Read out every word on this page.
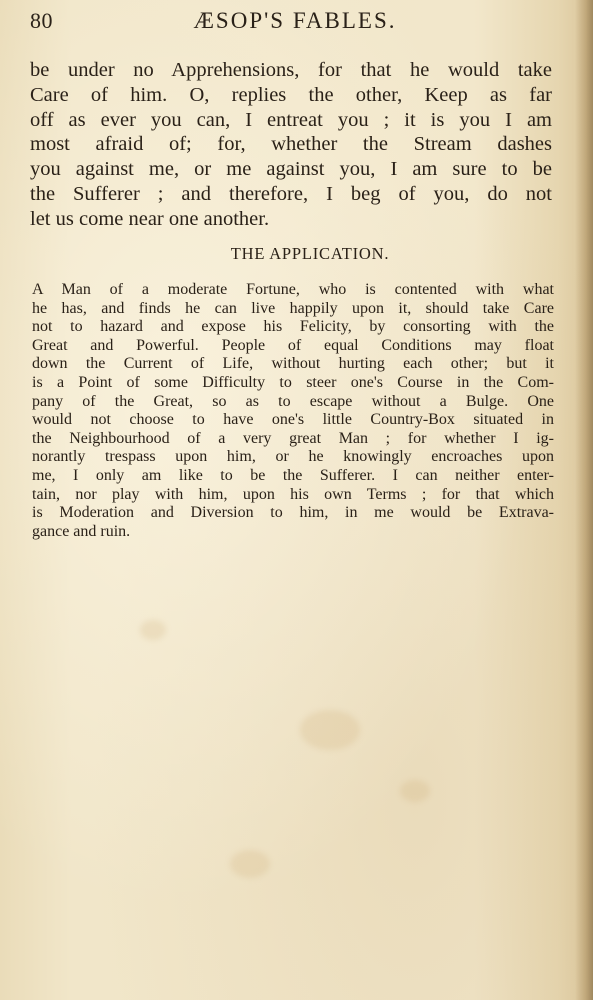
80	ÆSOP'S FABLES.

be under no Apprehensions, for that he would take
Care of him. O, replies the other, Keep as far
off as ever you can, I entreat you ; it is you I am
most afraid of; for, whether the Stream dashes
you against me, or me against you, I am sure to be
the Sufferer ; and therefore, I beg of you, do not
let us come near one another.

THE APPLICATION.

A Man of a moderate Fortune, who is contented with what
he has, and finds he can live happily upon it, should take Care
not to hazard and expose his Felicity, by consorting with the
Great and Powerful. People of equal Conditions may float
down the Current of Life, without hurting each other; but it
is a Point of some Difficulty to steer one's Course in the Com-
pany of the Great, so as to escape without a Bulge. One
would not choose to have one's little Country-Box situated in
the Neighbourhood of a very great Man ; for whether I ig-
norantly trespass upon him, or he knowingly encroaches upon
me, I only am like to be the Sufferer. I can neither enter-
tain, nor play with him, upon his own Terms ; for that which
is Moderation and Diversion to him, in me would be Extrava-
gance and ruin.
